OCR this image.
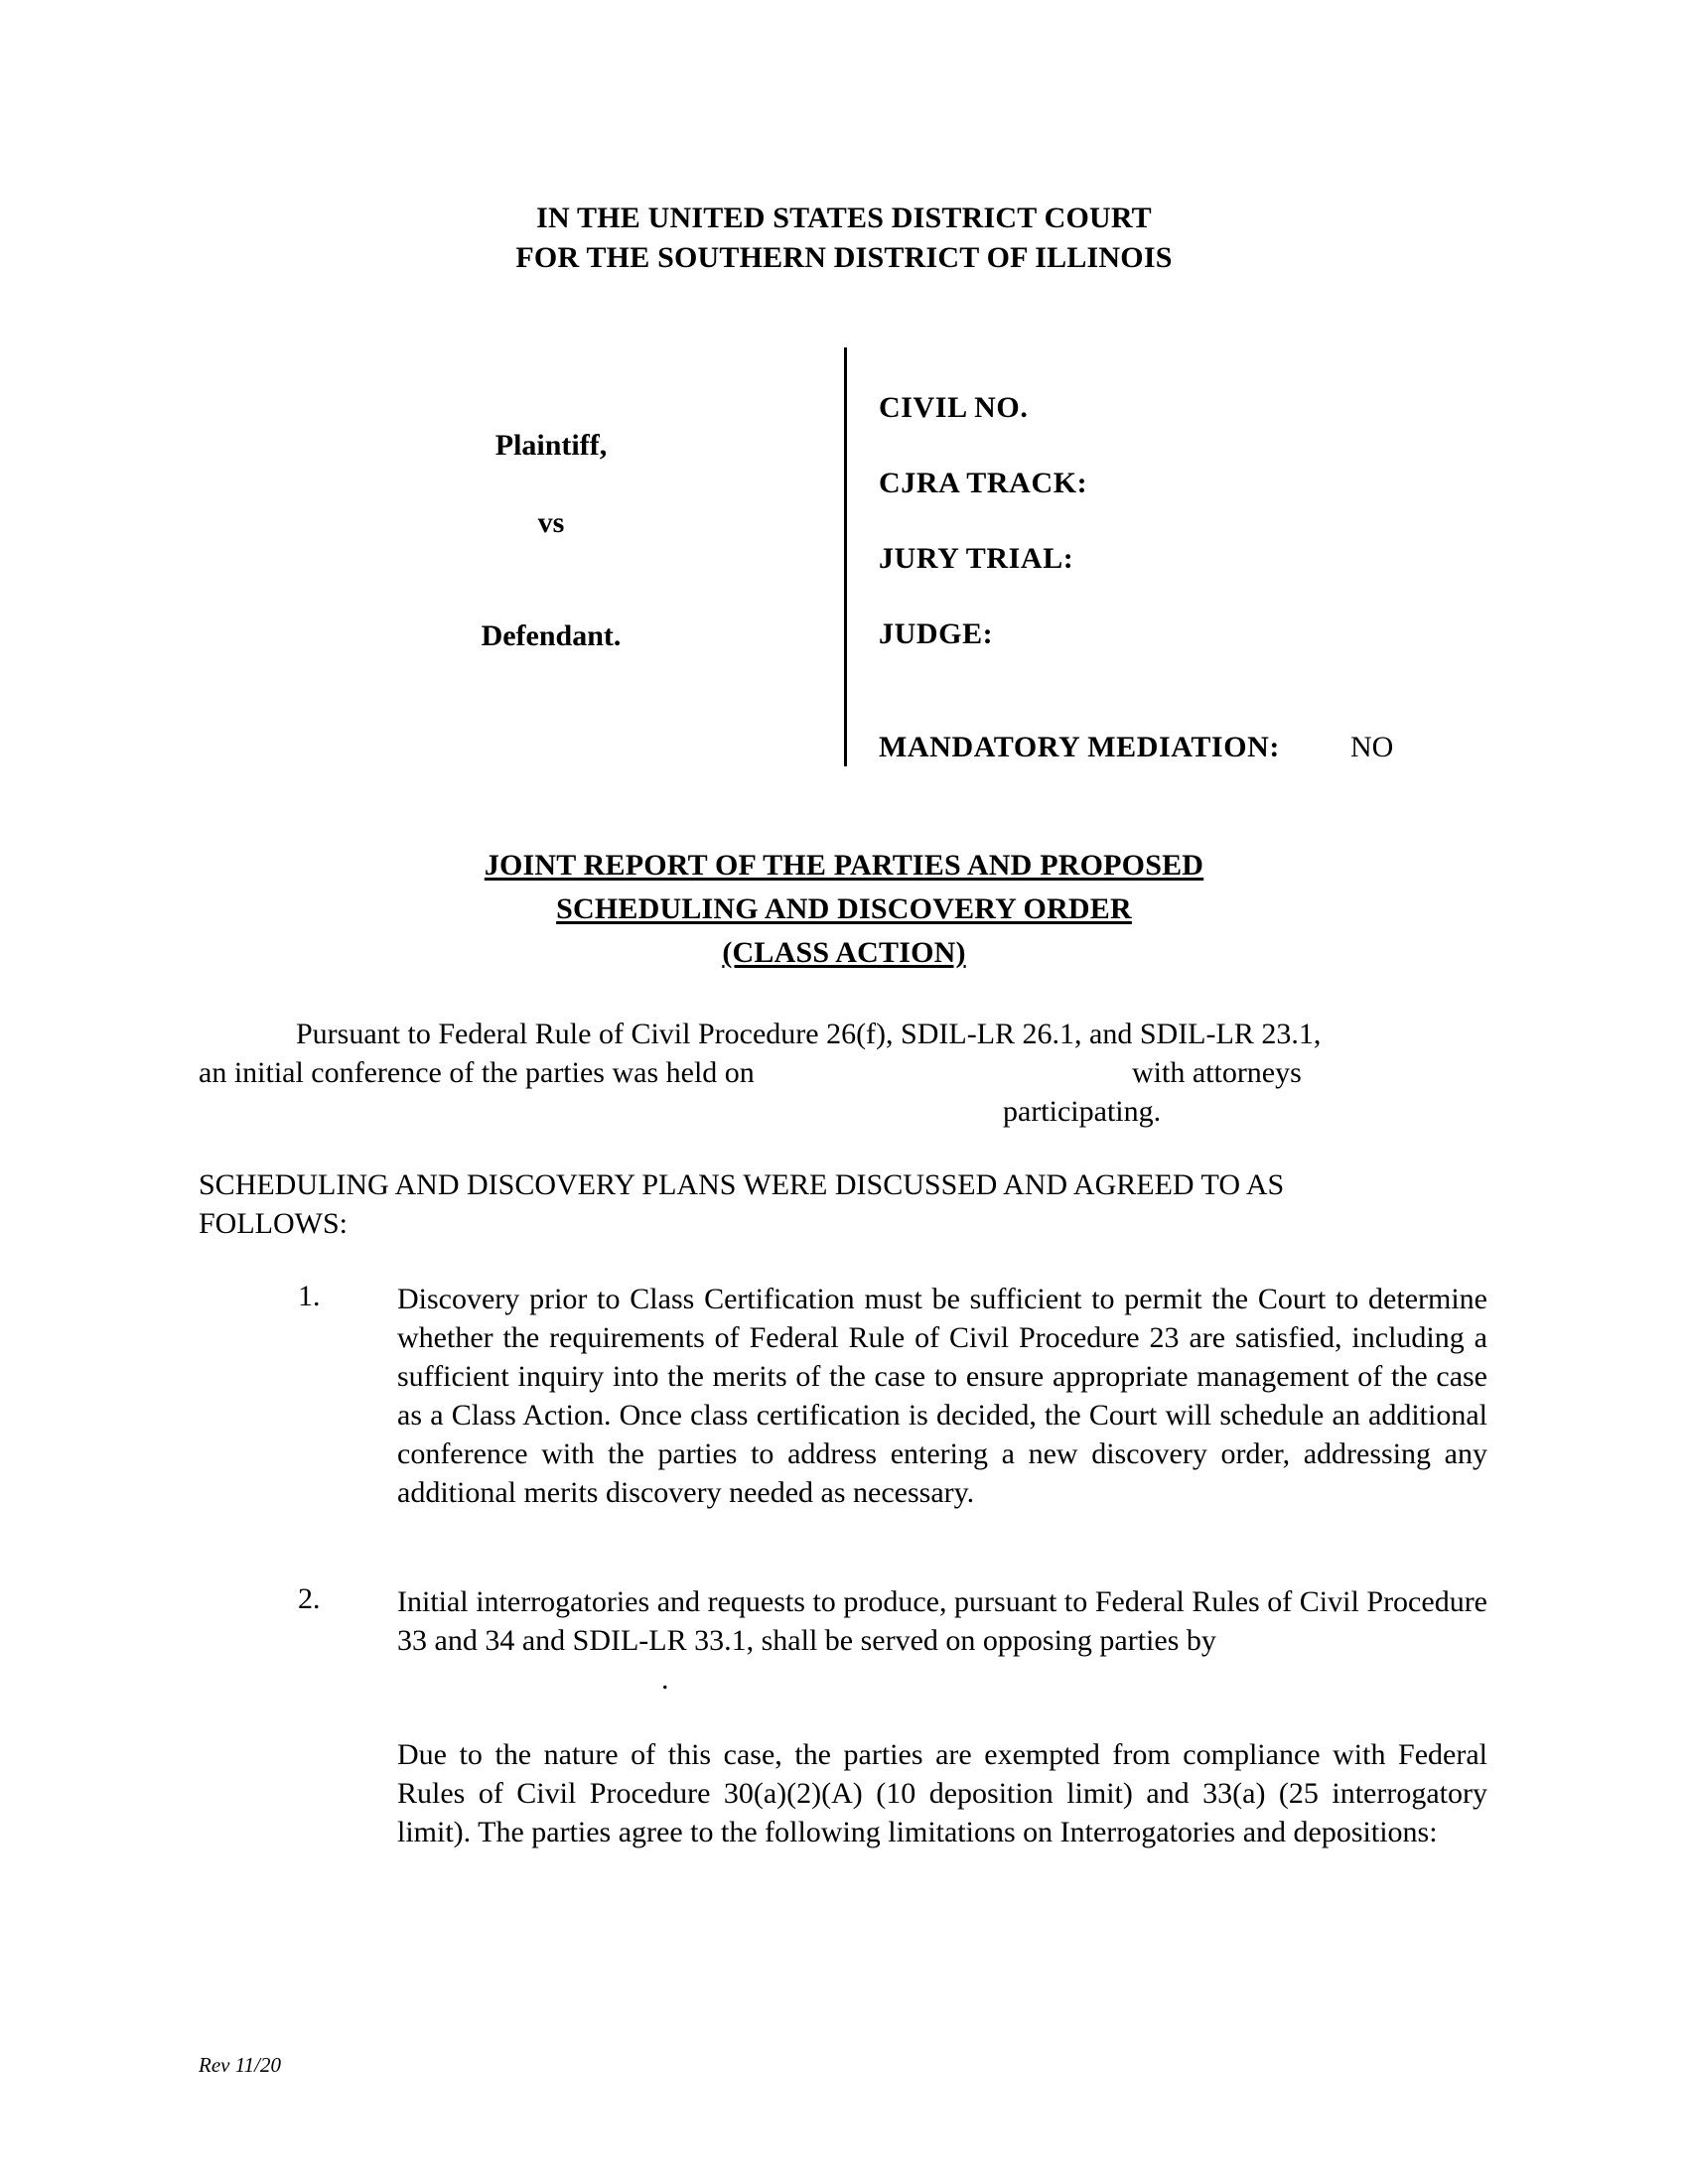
IN THE UNITED STATES DISTRICT COURT
FOR THE SOUTHERN DISTRICT OF ILLINOIS
Plaintiff,
vs
Defendant.
CIVIL NO.
CJRA TRACK:
JURY TRIAL:
JUDGE:
MANDATORY MEDIATION: NO
JOINT REPORT OF THE PARTIES AND PROPOSED
SCHEDULING AND DISCOVERY ORDER
(CLASS ACTION)
Pursuant to Federal Rule of Civil Procedure 26(f), SDIL-LR 26.1, and SDIL-LR 23.1,
an initial conference of the parties was held on	with attorneys
participating.
SCHEDULING AND DISCOVERY PLANS WERE DISCUSSED AND AGREED TO AS
FOLLOWS:
1.	Discovery prior to Class Certification must be sufficient to permit the Court to determine whether the requirements of Federal Rule of Civil Procedure 23 are satisfied, including a sufficient inquiry into the merits of the case to ensure appropriate management of the case as a Class Action. Once class certification is decided, the Court will schedule an additional conference with the parties to address entering a new discovery order, addressing any additional merits discovery needed as necessary.
2.	Initial interrogatories and requests to produce, pursuant to Federal Rules of Civil Procedure 33 and 34 and SDIL-LR 33.1, shall be served on opposing parties by
.
Due to the nature of this case, the parties are exempted from compliance with Federal Rules of Civil Procedure 30(a)(2)(A) (10 deposition limit) and 33(a) (25 interrogatory limit). The parties agree to the following limitations on Interrogatories and depositions:
Rev 11/20
